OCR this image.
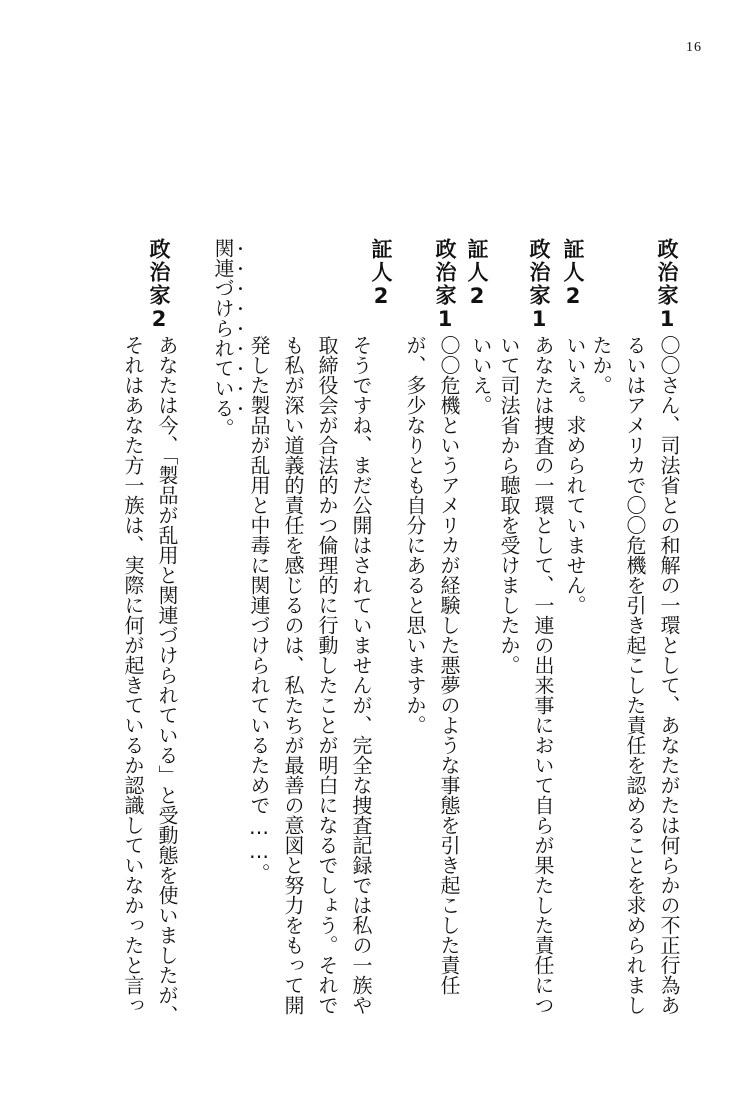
16
政治家1
〇〇さん、司法省との和解の一環として、あなたがたは何らかの不正行為あるいはアメリカで〇〇危機を引き起こした責任を認めることを求められましたか。
証人2
いいえ。求められていません。
政治家1
あなたは捜査の一環として、一連の出来事において自らが果たした責任について司法省から聴取を受けましたか。
証人2
いいえ。
政治家1
〇〇危機というアメリカが経験した悪夢のような事態を引き起こした責任が、多少なりとも自分にあると思いますか。
証人2
そうですね、まだ公開はされていませんが、完全な捜査記録では私の一族や取締役会が合法的かつ倫理的に行動したことが明白になるでしょう。それでも私が深い道義的責任を感じるのは、私たちが最善の意図と努力をもって開発した製品が乱用と中毒に関連づけられているためで……。
関連づけられている。
政治家2
あなたは今、「製品が乱用と関連づけられている」と受動態を使いましたが、それはあなた方一族は、実際に何が起きているか認識していなかったと言っ
